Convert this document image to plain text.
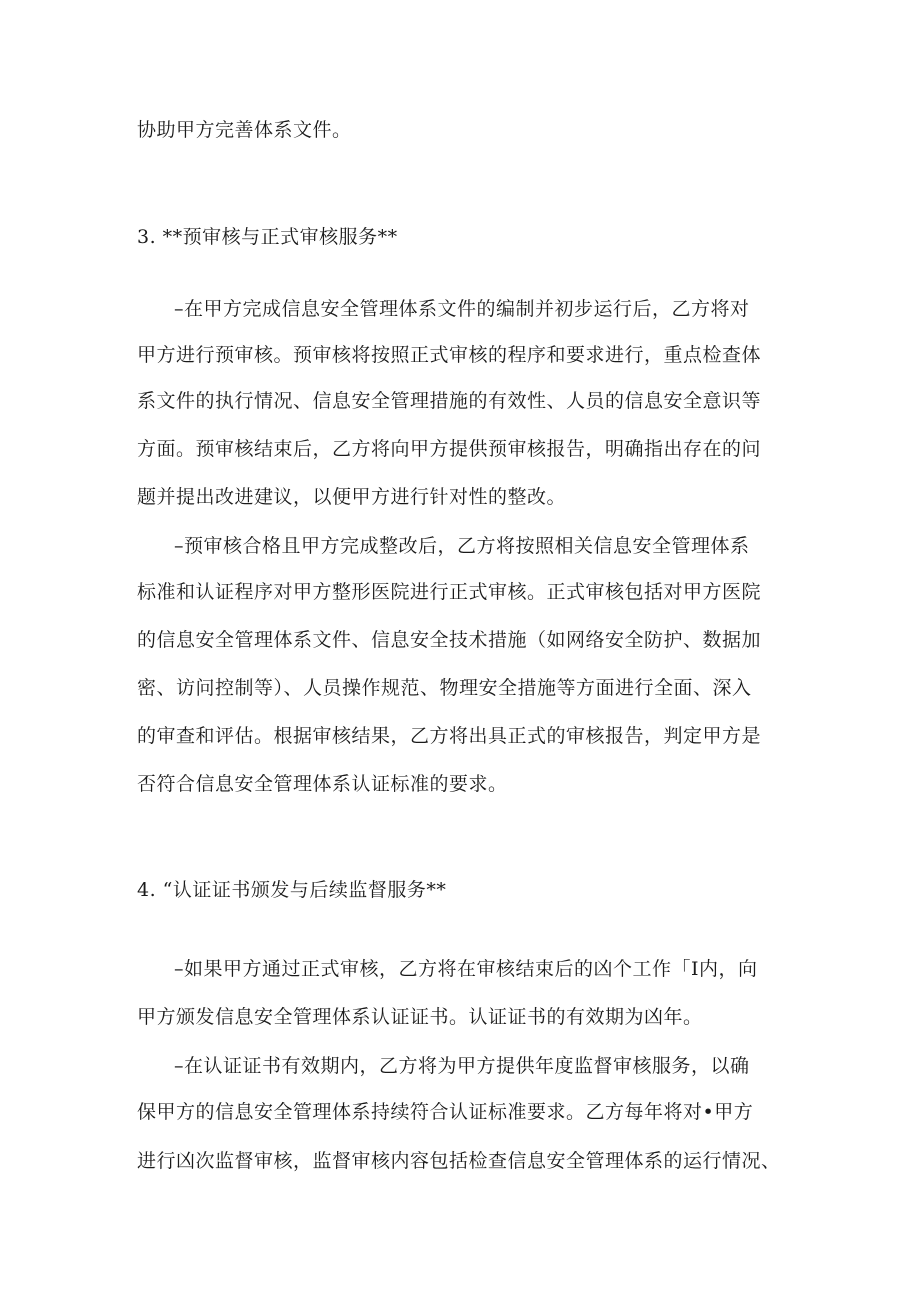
协助甲方完善体系文件。
3. **预审核与正式审核服务**
–在甲方完成信息安全管理体系文件的编制并初步运行后，乙方将对
甲方进行预审核。预审核将按照正式审核的程序和要求进行，重点检查体
系文件的执行情况、信息安全管理措施的有效性、人员的信息安全意识等
方面。预审核结束后，乙方将向甲方提供预审核报告，明确指出存在的问
题并提出改进建议，以便甲方进行针对性的整改。
–预审核合格且甲方完成整改后，乙方将按照相关信息安全管理体系
标准和认证程序对甲方整形医院进行正式审核。正式审核包括对甲方医院
的信息安全管理体系文件、信息安全技术措施（如网络安全防护、数据加
密、访问控制等）、人员操作规范、物理安全措施等方面进行全面、深入
的审查和评估。根据审核结果，乙方将出具正式的审核报告，判定甲方是
否符合信息安全管理体系认证标准的要求。
4. “认证证书颁发与后续监督服务**
–如果甲方通过正式审核，乙方将在审核结束后的凶个工作「I内，向
甲方颁发信息安全管理体系认证证书。认证证书的有效期为凶年。
–在认证证书有效期内，乙方将为甲方提供年度监督审核服务，以确
保甲方的信息安全管理体系持续符合认证标准要求。乙方每年将对•甲方
进行凶次监督审核，监督审核内容包括检查信息安全管理体系的运行情况、
